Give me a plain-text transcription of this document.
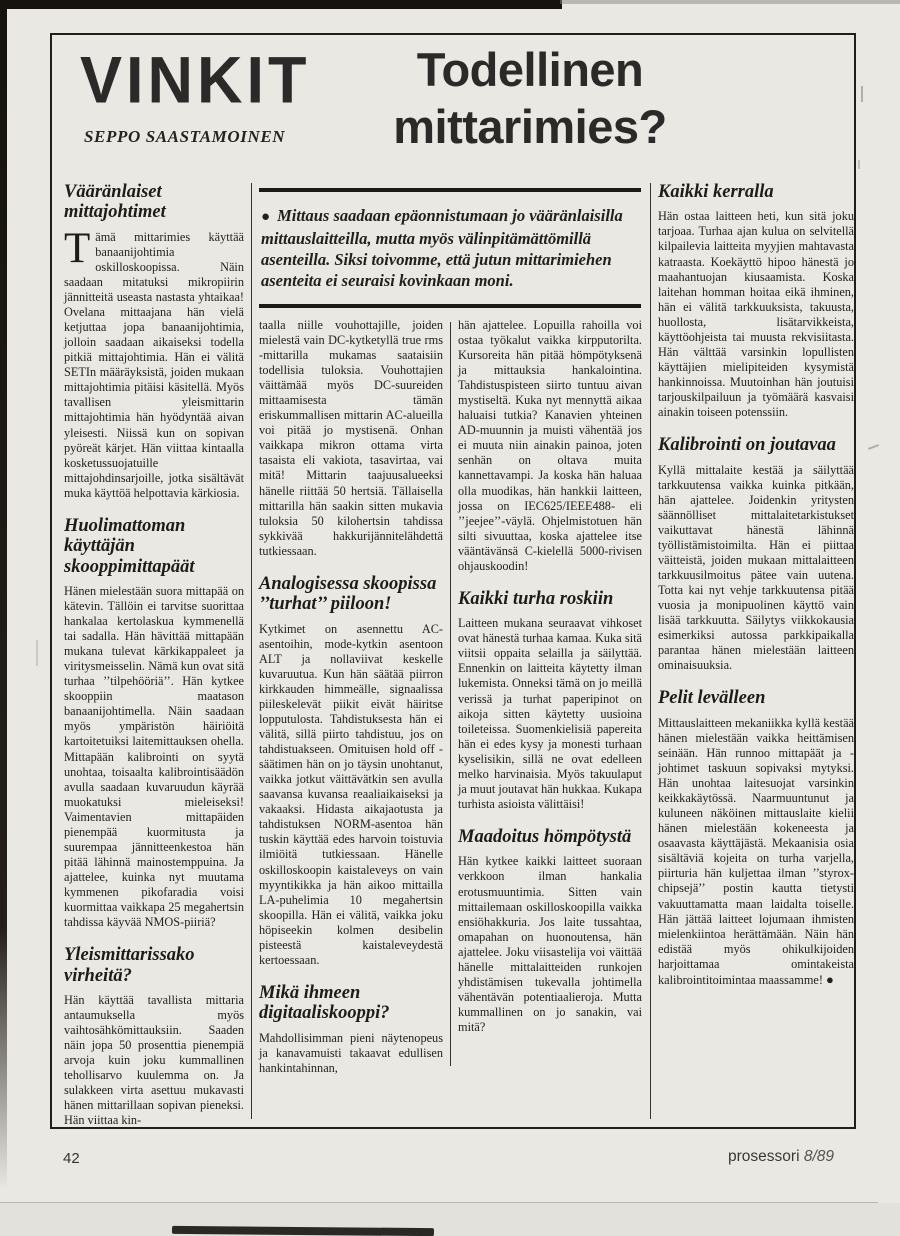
VINKIT
SEPPO SAASTAMOINEN
Todellinen
mittarimies?
Vääränlaiset mittajohtimet

Tämä mittarimies käyttää banaanijohtimia oskilloskoopissa. Näin saadaan mitatuksi mikropiirin jännitteitä useasta nastasta yhtaikaa! Ovelana mittaajana hän vielä ketjuttaa jopa banaanijohtimia, jolloin saadaan aikaiseksi todella pitkiä mittajohtimia. Hän ei välitä SETIn määräyksistä, joiden mukaan mittajohtimia pitäisi käsitellä. Myös tavallisen yleismittarin mittajohtimia hän hyödyntää aivan yleisesti. Niissä kun on sopivan pyöreät kärjet. Hän viittaa kintaalla kosketussuojatuille mittajohdinsarjoille, jotka sisältävät muka käyttöä helpottavia kärkiosia.

Huolimattoman käyttäjän skooppimittapäät

Hänen mielestään suora mittapää on kätevin. Tällöin ei tarvitse suorittaa hankalaa kertolaskua kymmenellä tai sadalla. Hän hävittää mittapään mukana tulevat kärkikappaleet ja viritysmeisselin. Nämä kun ovat sitä turhaa ’’tilpehööriä’’. Hän kytkee skooppiin maatason banaanijohtimella. Näin saadaan myös ympäristön häiriöitä kartoitetuiksi laitemittauksen ohella. Mittapään kalibrointi on syytä unohtaa, toisaalta kalibrointisäädön avulla saadaan kuvaruudun käyrää muokatuksi mieleiseksi! Vaimentavien mittapäiden pienempää kuormitusta ja suurempaa jännitteenkestoa hän pitää lähinnä mainostemppuina. Ja ajattelee, kuinka nyt muutama kymmenen pikofaradia voisi kuormittaa vaikkapa 25 megahertsin tahdissa käyvää NMOS-piiriä?

Yleismittarissako virheitä?

Hän käyttää tavallista mittaria antaumuksella myös vaihtosähkömittauksiin. Saaden näin jopa 50 prosenttia pienempiä arvoja kuin joku kummallinen tehollisarvo kuulemma on. Ja sulakkeen virta asettuu mukavasti hänen mittarillaan sopivan pieneksi. Hän viittaa kin-

● Mittaus saadaan epäonnistumaan jo vääränlaisilla mittauslaitteilla, mutta myös välinpitämättömillä asenteilla. Siksi toivomme, että jutun mittarimiehen asenteita ei seuraisi kovinkaan moni.

taalla niille vouhottajille, joiden mielestä vain DC-kytketyllä true rms -mittarilla mukamas saataisiin todellisia tuloksia. Vouhottajien väittämää myös DC-suureiden mittaamisesta tämän eriskummallisen mittarin AC-alueilla voi pitää jo mystisenä. Onhan vaikkapa mikron ottama virta tasaista eli vakiota, tasavirtaa, vai mitä! Mittarin taajuusalueeksi hänelle riittää 50 hertsiä. Tällaisella mittarilla hän saakin sitten mukavia tuloksia 50 kilohertsin tahdissa sykkivää hakkurijännitelähdettä tutkiessaan.

Analogisessa skoopissa ’’turhat’’ piiloon!

Kytkimet on asennettu AC-asentoihin, mode-kytkin asentoon ALT ja nollaviivat keskelle kuvaruutua. Kun hän säätää piirron kirkkauden himmeälle, signaalissa piileskelevät piikit eivät häiritse lopputulosta. Tahdistuksesta hän ei välitä, sillä piirto tahdistuu, jos on tahdistuakseen. Omituisen hold off -säätimen hän on jo täysin unohtanut, vaikka jotkut väittävätkin sen avulla saavansa kuvansa reaaliaikaiseksi ja vakaaksi. Hidasta aikajaotusta ja tahdistuksen NORM-asentoa hän tuskin käyttää edes harvoin toistuvia ilmiöitä tutkiessaan. Hänelle oskilloskoopin kaistaleveys on vain myyntikikka ja hän aikoo mittailla LA-puhelimia 10 megahertsin skoopilla. Hän ei välitä, vaikka joku höpiseekin kolmen desibelin pisteestä kaistaleveydestä kertoessaan.

Mikä ihmeen digitaaliskooppi?

Mahdollisimman pieni näytenopeus ja kanavamuisti takaavat edullisen hankintahinnan,

hän ajattelee. Lopuilla rahoilla voi ostaa työkalut vaikka kirpputorilta. Kursoreita hän pitää hömpötyksenä ja mittauksia hankalointina. Tahdistuspisteen siirto tuntuu aivan mystiseltä. Kuka nyt mennyttä aikaa haluaisi tutkia? Kanavien yhteinen AD-muunnin ja muisti vähentää jos ei muuta niin ainakin painoa, joten senhän on oltava muita kannettavampi. Ja koska hän haluaa olla muodikas, hän hankkii laitteen, jossa on IEC625/IEEE488- eli ’’jeejee’’-väylä. Ohjelmistotuen hän silti sivuuttaa, koska ajattelee itse vääntävänsä C-kielellä 5000-rivisen ohjauskoodin!

Kaikki turha roskiin

Laitteen mukana seuraavat vihkoset ovat hänestä turhaa kamaa. Kuka sitä viitsii oppaita selailla ja säilyttää. Ennenkin on laitteita käytetty ilman lukemista. Onneksi tämä on jo meillä verissä ja turhat paperipinot on aikoja sitten käytetty uusioina toileteissa. Suomenkielisiä papereita hän ei edes kysy ja monesti turhaan kyselisikin, sillä ne ovat edelleen melko harvinaisia. Myös takuulaput ja muut joutavat hän hukkaa. Kukapa turhista asioista välittäisi!

Maadoitus hömpötystä

Hän kytkee kaikki laitteet suoraan verkkoon ilman hankalia erotusmuuntimia. Sitten vain mittailemaan oskilloskoopilla vaikka ensiöhakkuria. Jos laite tussahtaa, omapahan on huonoutensa, hän ajattelee. Joku viisastelija voi väittää hänelle mittalaitteiden runkojen yhdistämisen tukevalla johtimella vähentävän potentiaalieroja. Mutta kummallinen on jo sanakin, vai mitä?

Kaikki kerralla

Hän ostaa laitteen heti, kun sitä joku tarjoaa. Turhaa ajan kulua on selvitellä kilpailevia laitteita myyjien mahtavasta katraasta. Koekäyttö hipoo hänestä jo maahantuojan kiusaamista. Koska laitehan homman hoitaa eikä ihminen, hän ei välitä tarkkuuksista, takuusta, huollosta, lisätarvikkeista, käyttöohjeista tai muusta rekvisiitasta. Hän välttää varsinkin lopullisten käyttäjien mielipiteiden kysymistä hankinnoissa. Muutoinhan hän joutuisi tarjouskilpailuun ja työmäärä kasvaisi ainakin toiseen potenssiin.

Kalibrointi on joutavaa

Kyllä mittalaite kestää ja säilyttää tarkkuutensa vaikka kuinka pitkään, hän ajattelee. Joidenkin yritysten säännölliset mittalaitetarkistukset vaikuttavat hänestä lähinnä työllistämistoimilta. Hän ei piittaa väitteistä, joiden mukaan mittalaitteen tarkkuusilmoitus pätee vain uutena. Totta kai nyt vehje tarkkuutensa pitää vuosia ja monipuolinen käyttö vain lisää tarkkuutta. Säilytys viikkokausia esimerkiksi autossa parkkipaikalla parantaa hänen mielestään laitteen ominaisuuksia.

Pelit levälleen

Mittauslaitteen mekaniikka kyllä kestää hänen mielestään vaikka heittämisen seinään. Hän runnoo mittapäät ja -johtimet taskuun sopivaksi mytyksi. Hän unohtaa laitesuojat varsinkin keikkakäytössä. Naarmuuntunut ja kuluneen näköinen mittauslaite kielii hänen mielestään kokeneesta ja osaavasta käyttäjästä. Mekaanisia osia sisältäviä kojeita on turha varjella, piirturia hän kuljettaa ilman ’’styrox-chipsejä’’ postin kautta tietysti vakuuttamatta maan laidalta toiselle. Hän jättää laitteet lojumaan ihmisten mielenkiintoa herättämään. Näin hän edistää myös ohikulkijoiden harjoittamaa omintakeista kalibrointitoimintaa maassamme! ●

42	prosessori 8/89
